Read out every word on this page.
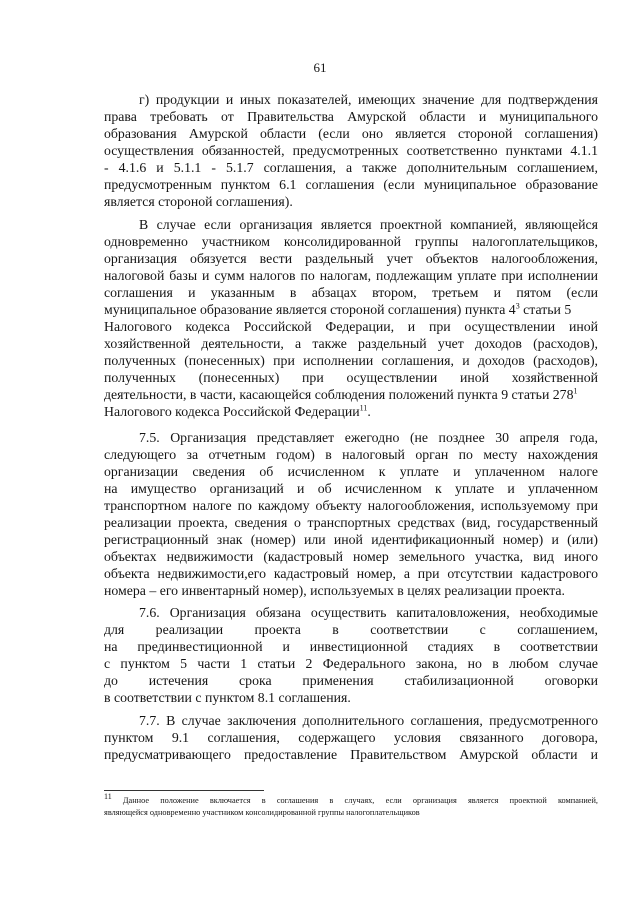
61
г) продукции и иных показателей, имеющих значение для подтверждения
права требовать от Правительства Амурской области и муниципального
образования Амурской области (если оно является стороной соглашения)
осуществления обязанностей, предусмотренных соответственно пунктами 4.1.1
- 4.1.6 и 5.1.1 - 5.1.7 соглашения, а также дополнительным соглашением,
предусмотренным пунктом 6.1 соглашения (если муниципальное образование
является стороной соглашения).
В случае если организация является проектной компанией, являющейся
одновременно участником консолидированной группы налогоплательщиков,
организация обязуется вести раздельный учет объектов налогообложения,
налоговой базы и сумм налогов по налогам, подлежащим уплате при исполнении
соглашения и указанным в абзацах втором, третьем и пятом (если
муниципальное образование является стороной соглашения) пункта $4^3$ статьи 5
Налогового кодекса Российской Федерации, и при осуществлении иной
хозяйственной деятельности, а также раздельный учет доходов (расходов),
полученных (понесенных) при исполнении соглашения, и доходов (расходов),
полученных (понесенных) при осуществлении иной хозяйственной
деятельности, в части, касающейся соблюдения положений пункта 9 статьи $278^1$
Налогового кодекса Российской Федерации$^{11}$.
7.5. Организация представляет ежегодно (не позднее 30 апреля года,
следующего за отчетным годом) в налоговый орган по месту нахождения
организации сведения об исчисленном к уплате и уплаченном налоге
на имущество организаций и об исчисленном к уплате и уплаченном
транспортном налоге по каждому объекту налогообложения, используемому при
реализации проекта, сведения о транспортных средствах (вид, государственный
регистрационный знак (номер) или иной идентификационный номер) и (или)
объектах недвижимости (кадастровый номер земельного участка, вид иного
объекта недвижимости,его кадастровый номер, а при отсутствии кадастрового
номера – его инвентарный номер), используемых в целях реализации проекта.
7.6. Организация обязана осуществить капиталовложения, необходимые
для реализации проекта в соответствии с соглашением,
на прединвестиционной и инвестиционной стадиях в соответствии
с пунктом 5 части 1 статьи 2 Федерального закона, но в любом случае
до истечения срока применения стабилизационной оговорки
в соответствии с пунктом 8.1 соглашения.
7.7. В случае заключения дополнительного соглашения, предусмотренного
пунктом 9.1 соглашения, содержащего условия связанного договора,
предусматривающего предоставление Правительством Амурской области и
$^{11}$ Данное положение включается в соглашения в случаях, если организация является проектной компанией,
являющейся одновременно участником консолидированной группы налогоплательщиков
